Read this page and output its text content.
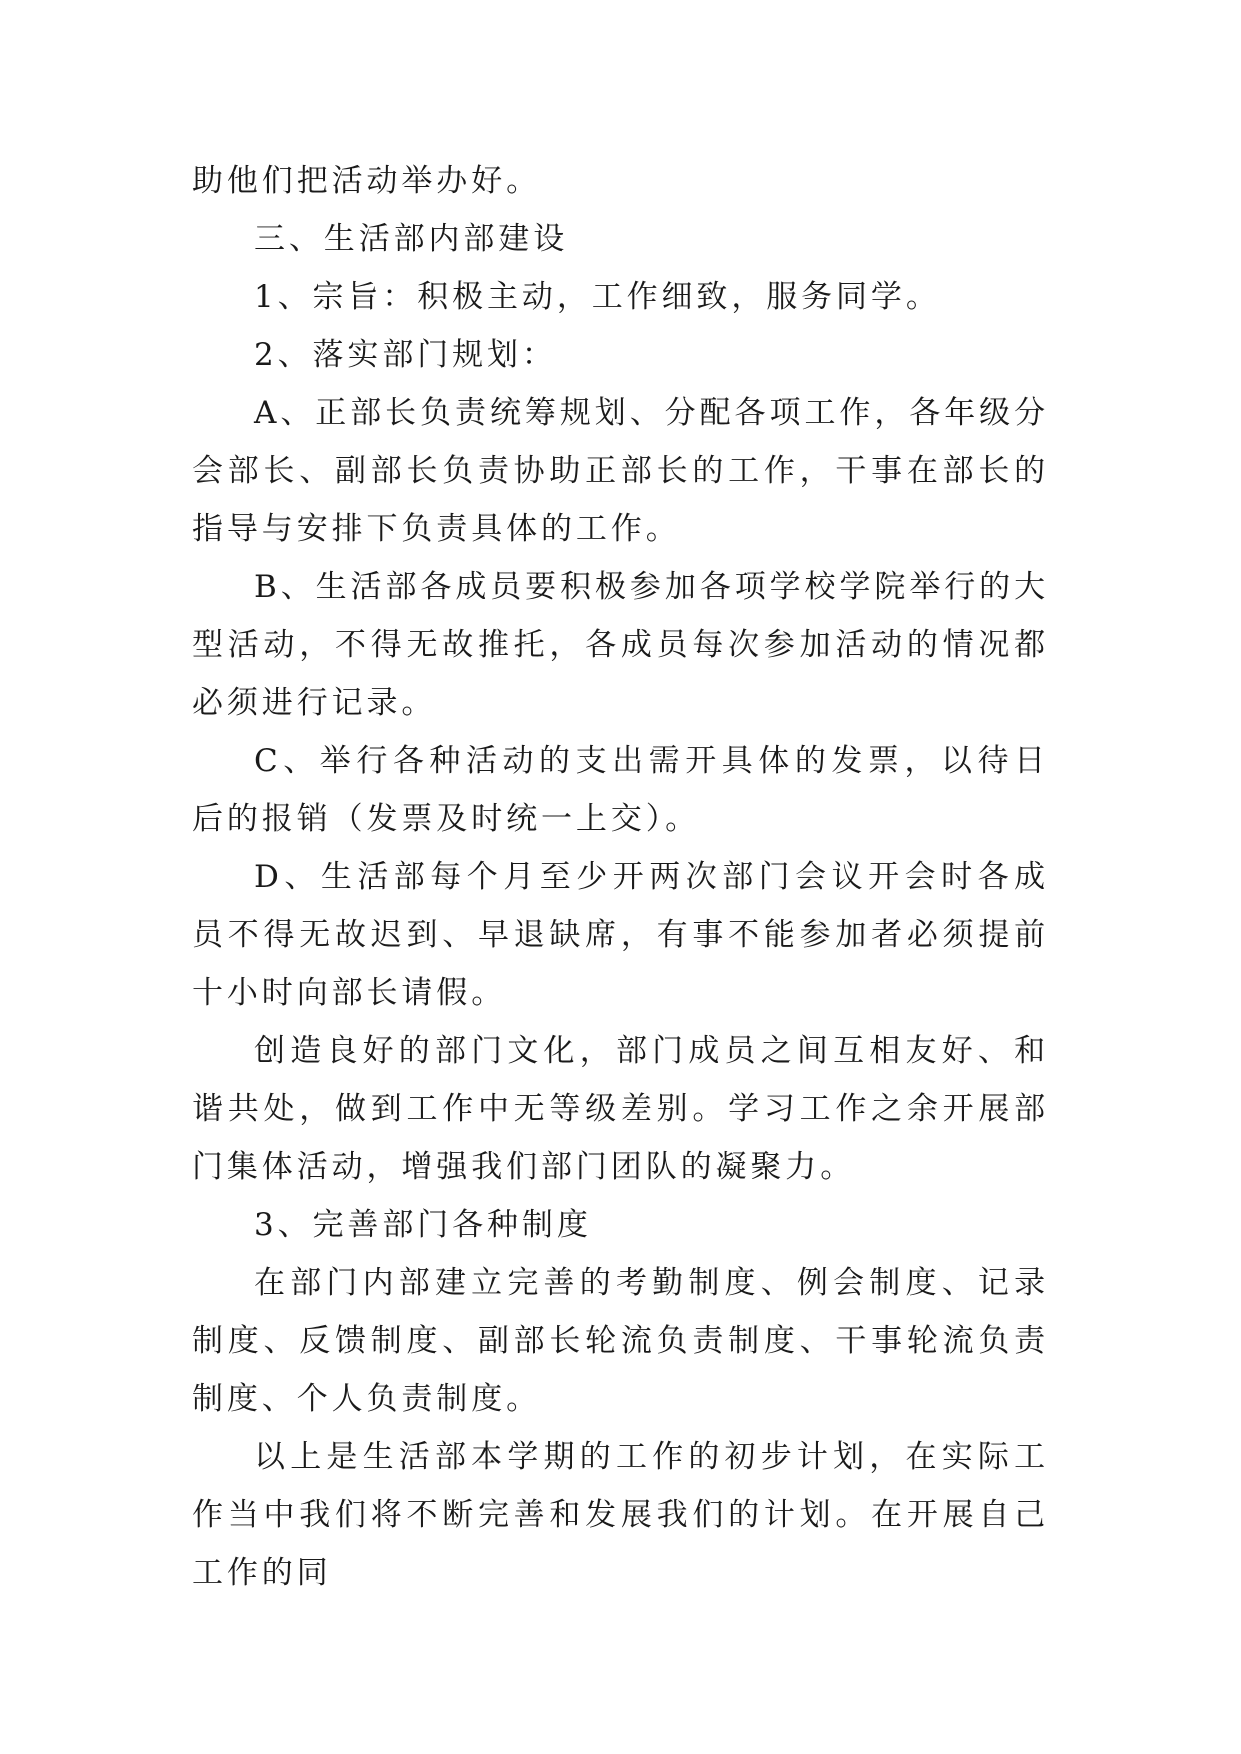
助他们把活动举办好。

三、生活部内部建设

1、宗旨：积极主动，工作细致，服务同学。

2、落实部门规划：

A、正部长负责统筹规划、分配各项工作，各年级分会部长、副部长负责协助正部长的工作，干事在部长的指导与安排下负责具体的工作。

B、生活部各成员要积极参加各项学校学院举行的大型活动，不得无故推托，各成员每次参加活动的情况都必须进行记录。

C、举行各种活动的支出需开具体的发票，以待日后的报销（发票及时统一上交）。

D、生活部每个月至少开两次部门会议开会时各成员不得无故迟到、早退缺席，有事不能参加者必须提前十小时向部长请假。

创造良好的部门文化，部门成员之间互相友好、和谐共处，做到工作中无等级差别。学习工作之余开展部门集体活动，增强我们部门团队的凝聚力。

3、完善部门各种制度

在部门内部建立完善的考勤制度、例会制度、记录制度、反馈制度、副部长轮流负责制度、干事轮流负责制度、个人负责制度。

以上是生活部本学期的工作的初步计划，在实际工作当中我们将不断完善和发展我们的计划。在开展自己工作的同
